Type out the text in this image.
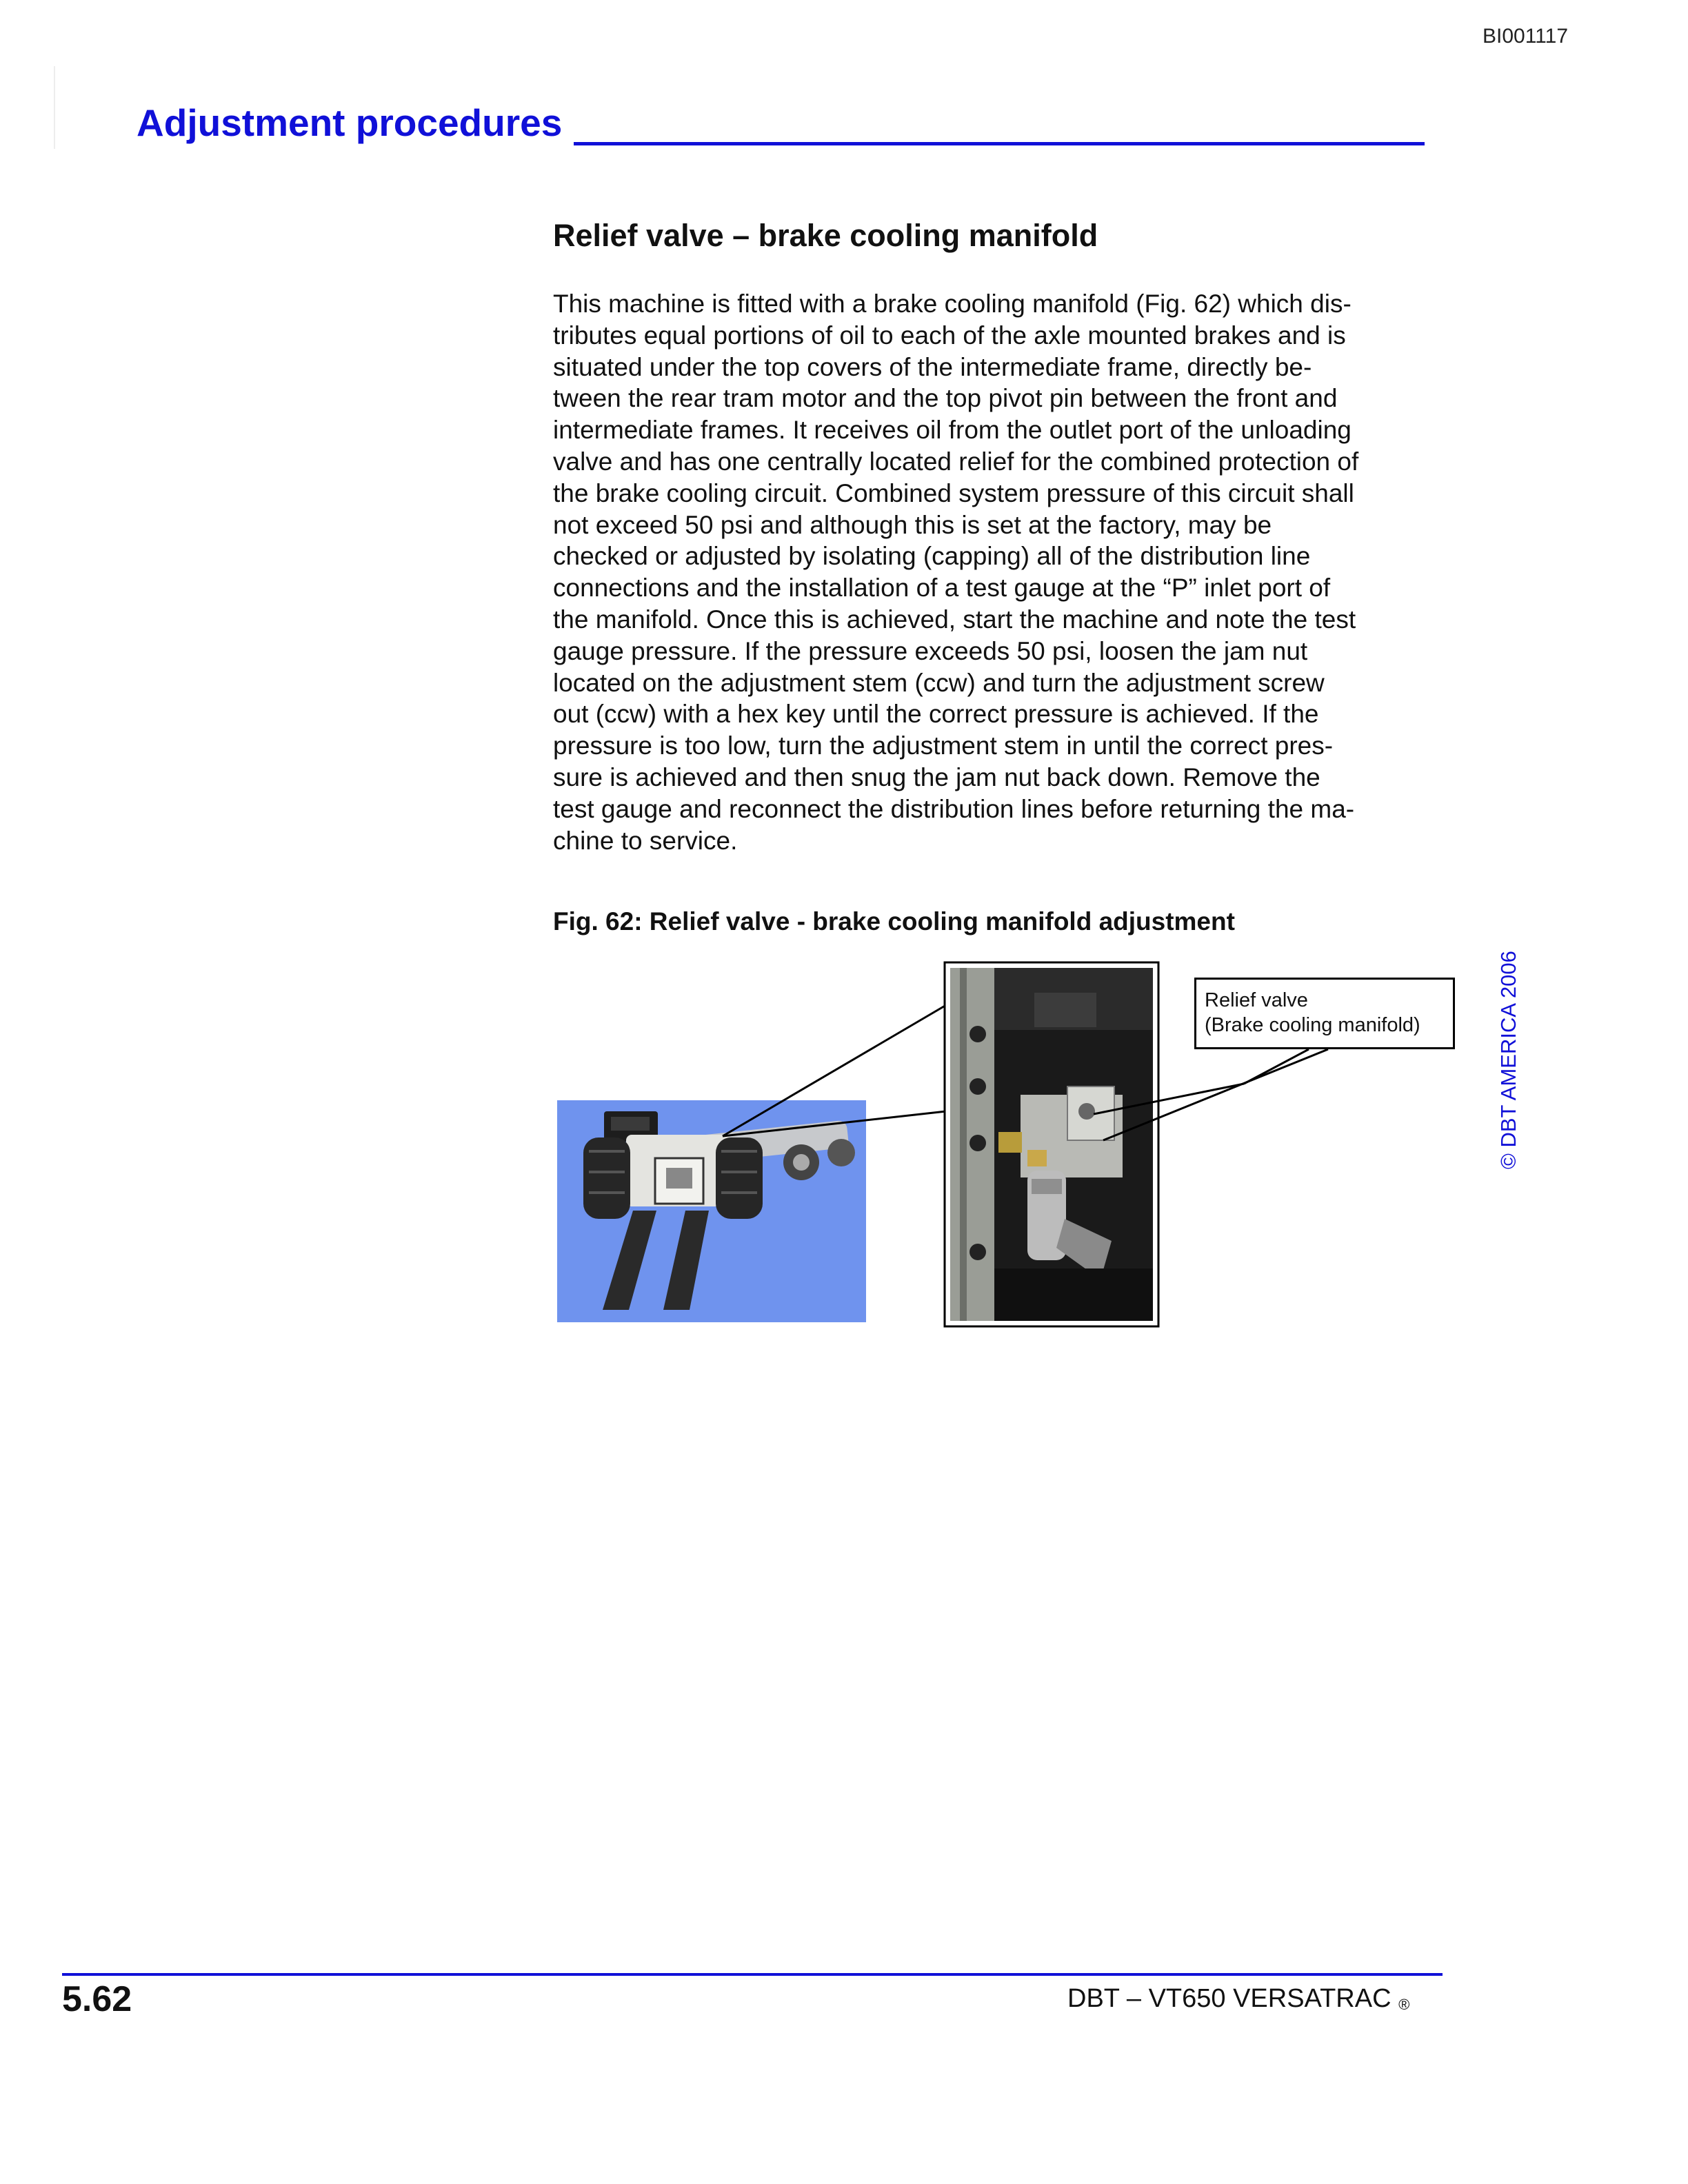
BI001117
Adjustment procedures
Relief valve – brake cooling manifold
This machine is fitted with a brake cooling manifold (Fig. 62) which dis-
tributes equal portions of oil to each of the axle mounted brakes and is
situated under the top covers of the intermediate frame, directly be-
tween the rear tram motor and the top pivot pin between the front and
intermediate frames. It receives oil from the outlet port of the unloading
valve and has one centrally located relief for the combined protection of
the brake cooling circuit. Combined system pressure of this circuit shall
not exceed 50 psi and although this is set at the factory, may be
checked or adjusted by isolating (capping) all of the distribution line
connections and the installation of a test gauge at the “P” inlet port of
the manifold. Once this is achieved, start the machine and note the test
gauge pressure. If the pressure exceeds 50 psi, loosen the jam nut
located on the adjustment stem (ccw) and turn the adjustment screw
out (ccw) with a hex key until the correct pressure is achieved. If the
pressure is too low, turn the adjustment stem in until the correct pres-
sure is achieved and then snug the jam nut back down. Remove the
test gauge and reconnect the distribution lines before returning the ma-
chine to service.
Fig. 62: Relief valve - brake cooling manifold adjustment
Relief valve
(Brake cooling manifold)	© DBT AMERICA 2006
5.62	DBT – VT650 VERSATRAC ®
